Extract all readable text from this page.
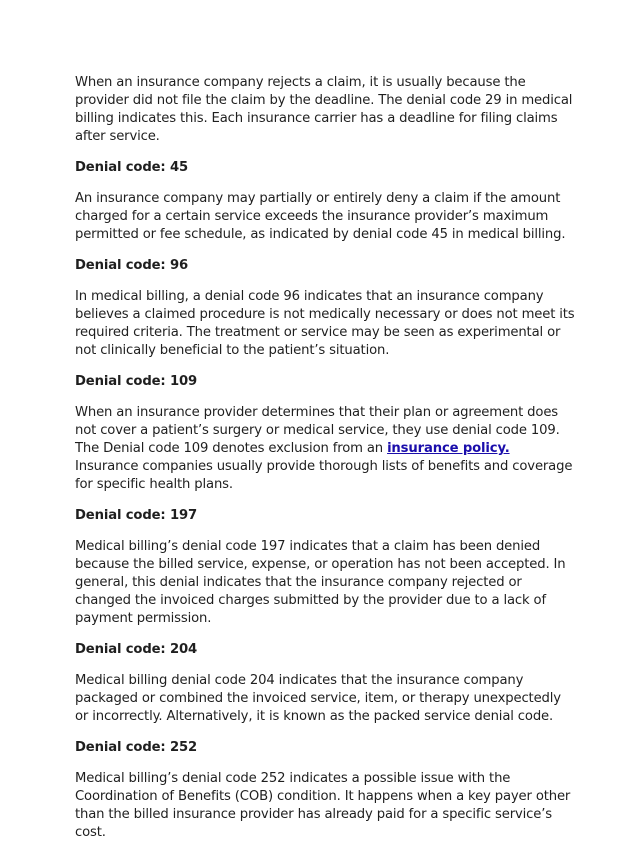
When an insurance company rejects a claim, it is usually because the provider did not file the claim by the deadline. The denial code 29 in medical billing indicates this. Each insurance carrier has a deadline for filing claims after service.

Denial code: 45

An insurance company may partially or entirely deny a claim if the amount charged for a certain service exceeds the insurance provider’s maximum permitted or fee schedule, as indicated by denial code 45 in medical billing.

Denial code: 96

In medical billing, a denial code 96 indicates that an insurance company believes a claimed procedure is not medically necessary or does not meet its required criteria. The treatment or service may be seen as experimental or not clinically beneficial to the patient’s situation.

Denial code: 109

When an insurance provider determines that their plan or agreement does not cover a patient’s surgery or medical service, they use denial code 109. The Denial code 109 denotes exclusion from an insurance policy. Insurance companies usually provide thorough lists of benefits and coverage for specific health plans.

Denial code: 197

Medical billing’s denial code 197 indicates that a claim has been denied because the billed service, expense, or operation has not been accepted. In general, this denial indicates that the insurance company rejected or changed the invoiced charges submitted by the provider due to a lack of payment permission.

Denial code: 204

Medical billing denial code 204 indicates that the insurance company packaged or combined the invoiced service, item, or therapy unexpectedly or incorrectly. Alternatively, it is known as the packed service denial code.

Denial code: 252

Medical billing’s denial code 252 indicates a possible issue with the Coordination of Benefits (COB) condition. It happens when a key payer other than the billed insurance provider has already paid for a specific service’s cost.
